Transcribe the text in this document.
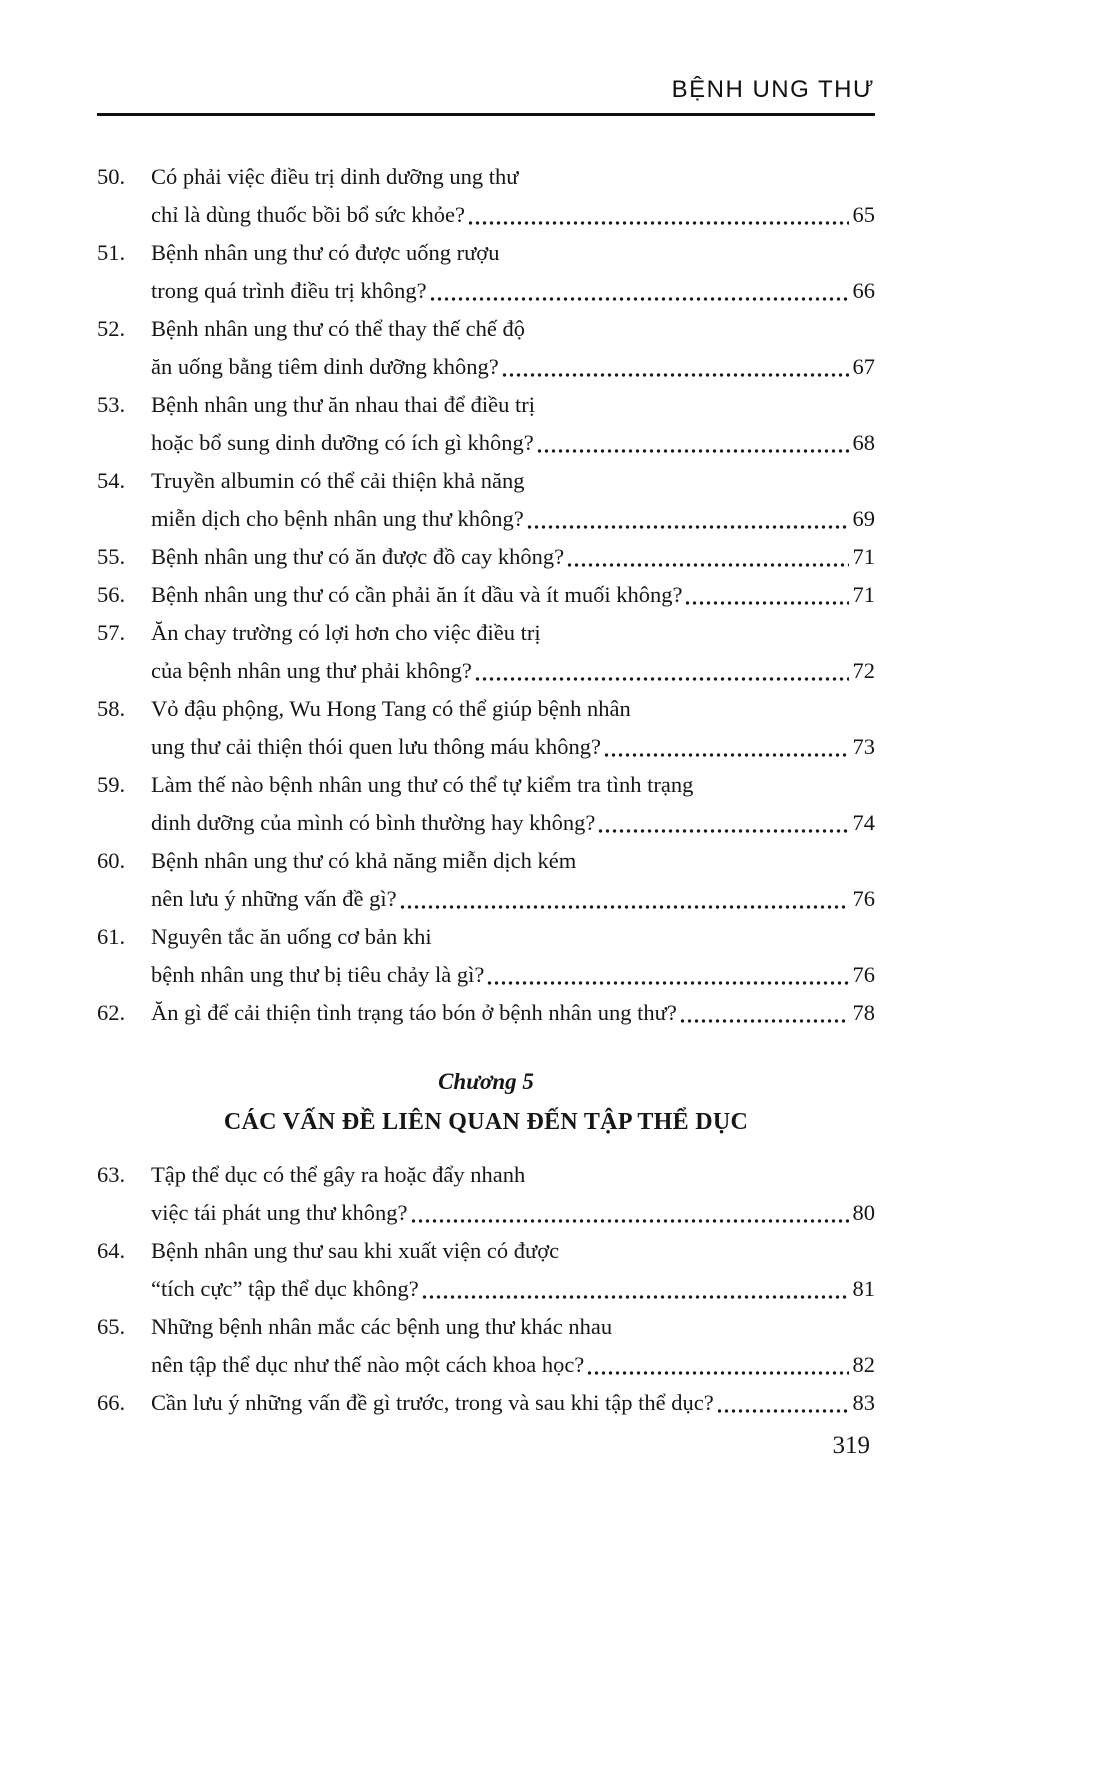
BỆNH UNG THƯ
50.	Có phải việc điều trị dinh dưỡng ung thư
chỉ là dùng thuốc bồi bổ sức khỏe?	65
51.	Bệnh nhân ung thư có được uống rượu
trong quá trình điều trị không?	66
52.	Bệnh nhân ung thư có thể thay thế chế độ
ăn uống bằng tiêm dinh dưỡng không?	67
53.	Bệnh nhân ung thư ăn nhau thai để điều trị
hoặc bổ sung dinh dưỡng có ích gì không?	68
54.	Truyền albumin có thể cải thiện khả năng
miễn dịch cho bệnh nhân ung thư không?	69
55.	Bệnh nhân ung thư có ăn được đồ cay không?	71
56.	Bệnh nhân ung thư có cần phải ăn ít dầu và ít muối không?	71
57.	Ăn chay trường có lợi hơn cho việc điều trị
của bệnh nhân ung thư phải không?	72
58.	Vỏ đậu phộng, Wu Hong Tang có thể giúp bệnh nhân
ung thư cải thiện thói quen lưu thông máu không?	73
59.	Làm thế nào bệnh nhân ung thư có thể tự kiểm tra tình trạng
dinh dưỡng của mình có bình thường hay không?	74
60.	Bệnh nhân ung thư có khả năng miễn dịch kém
nên lưu ý những vấn đề gì?	76
61.	Nguyên tắc ăn uống cơ bản khi
bệnh nhân ung thư bị tiêu chảy là gì?	76
62.	Ăn gì để cải thiện tình trạng táo bón ở bệnh nhân ung thư?	78
Chương 5
CÁC VẤN ĐỀ LIÊN QUAN ĐẾN TẬP THỂ DỤC
63.	Tập thể dục có thể gây ra hoặc đẩy nhanh
việc tái phát ung thư không?	80
64.	Bệnh nhân ung thư sau khi xuất viện có được
“tích cực” tập thể dục không?	81
65.	Những bệnh nhân mắc các bệnh ung thư khác nhau
nên tập thể dục như thế nào một cách khoa học?	82
66.	Cần lưu ý những vấn đề gì trước, trong và sau khi tập thể dục?	83
319
